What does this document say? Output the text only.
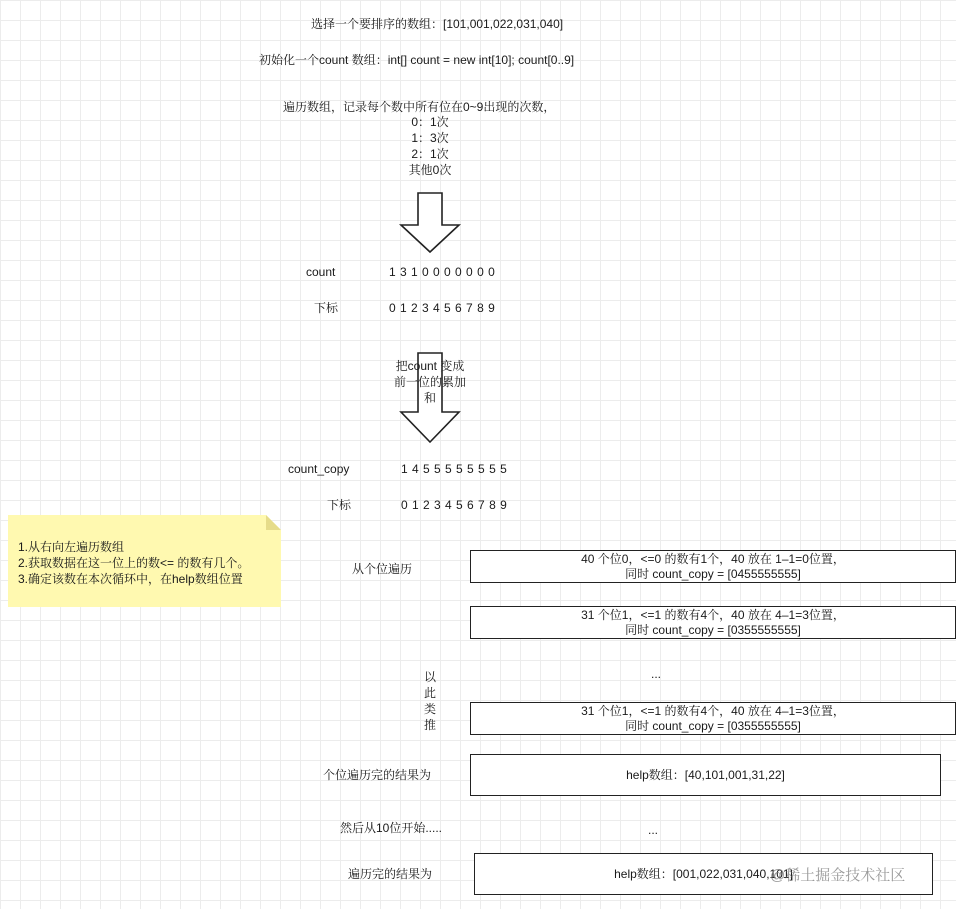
选择一个要排序的数组：[101,001,022,031,040]
初始化一个count 数组：int[] count = new int[10]; count[0..9]
遍历数组，记录每个数中所有位在0~9出现的次数，
0：1次
1：3次
2：1次
其他0次
count	1 3 1 0 0 0 0 0 0 0
下标	0 1 2 3 4 5 6 7 8 9
把count 变成
前一位的累加
和
count_copy	1 4 5 5 5 5 5 5 5 5
下标	0 1 2 3 4 5 6 7 8 9
1.从右向左遍历数组
2.获取数据在这一位上的数<= 的数有几个。
3.确定该数在本次循环中，在help数组位置
从个位遍历
40 个位0，<=0 的数有1个，40 放在 1–1=0位置，
同时 count_copy = [0455555555]
31 个位1，<=1 的数有4个，40 放在 4–1=3位置，
同时 count_copy = [0355555555]
...
以
此
类
推
31 个位1，<=1 的数有4个，40 放在 4–1=3位置，
同时 count_copy = [0355555555]
个位遍历完的结果为	help数组：[40,101,001,31,22]
然后从10位开始.....	...
遍历完的结果为	help数组：[001,022,031,040,101]
@稀土掘金技术社区
